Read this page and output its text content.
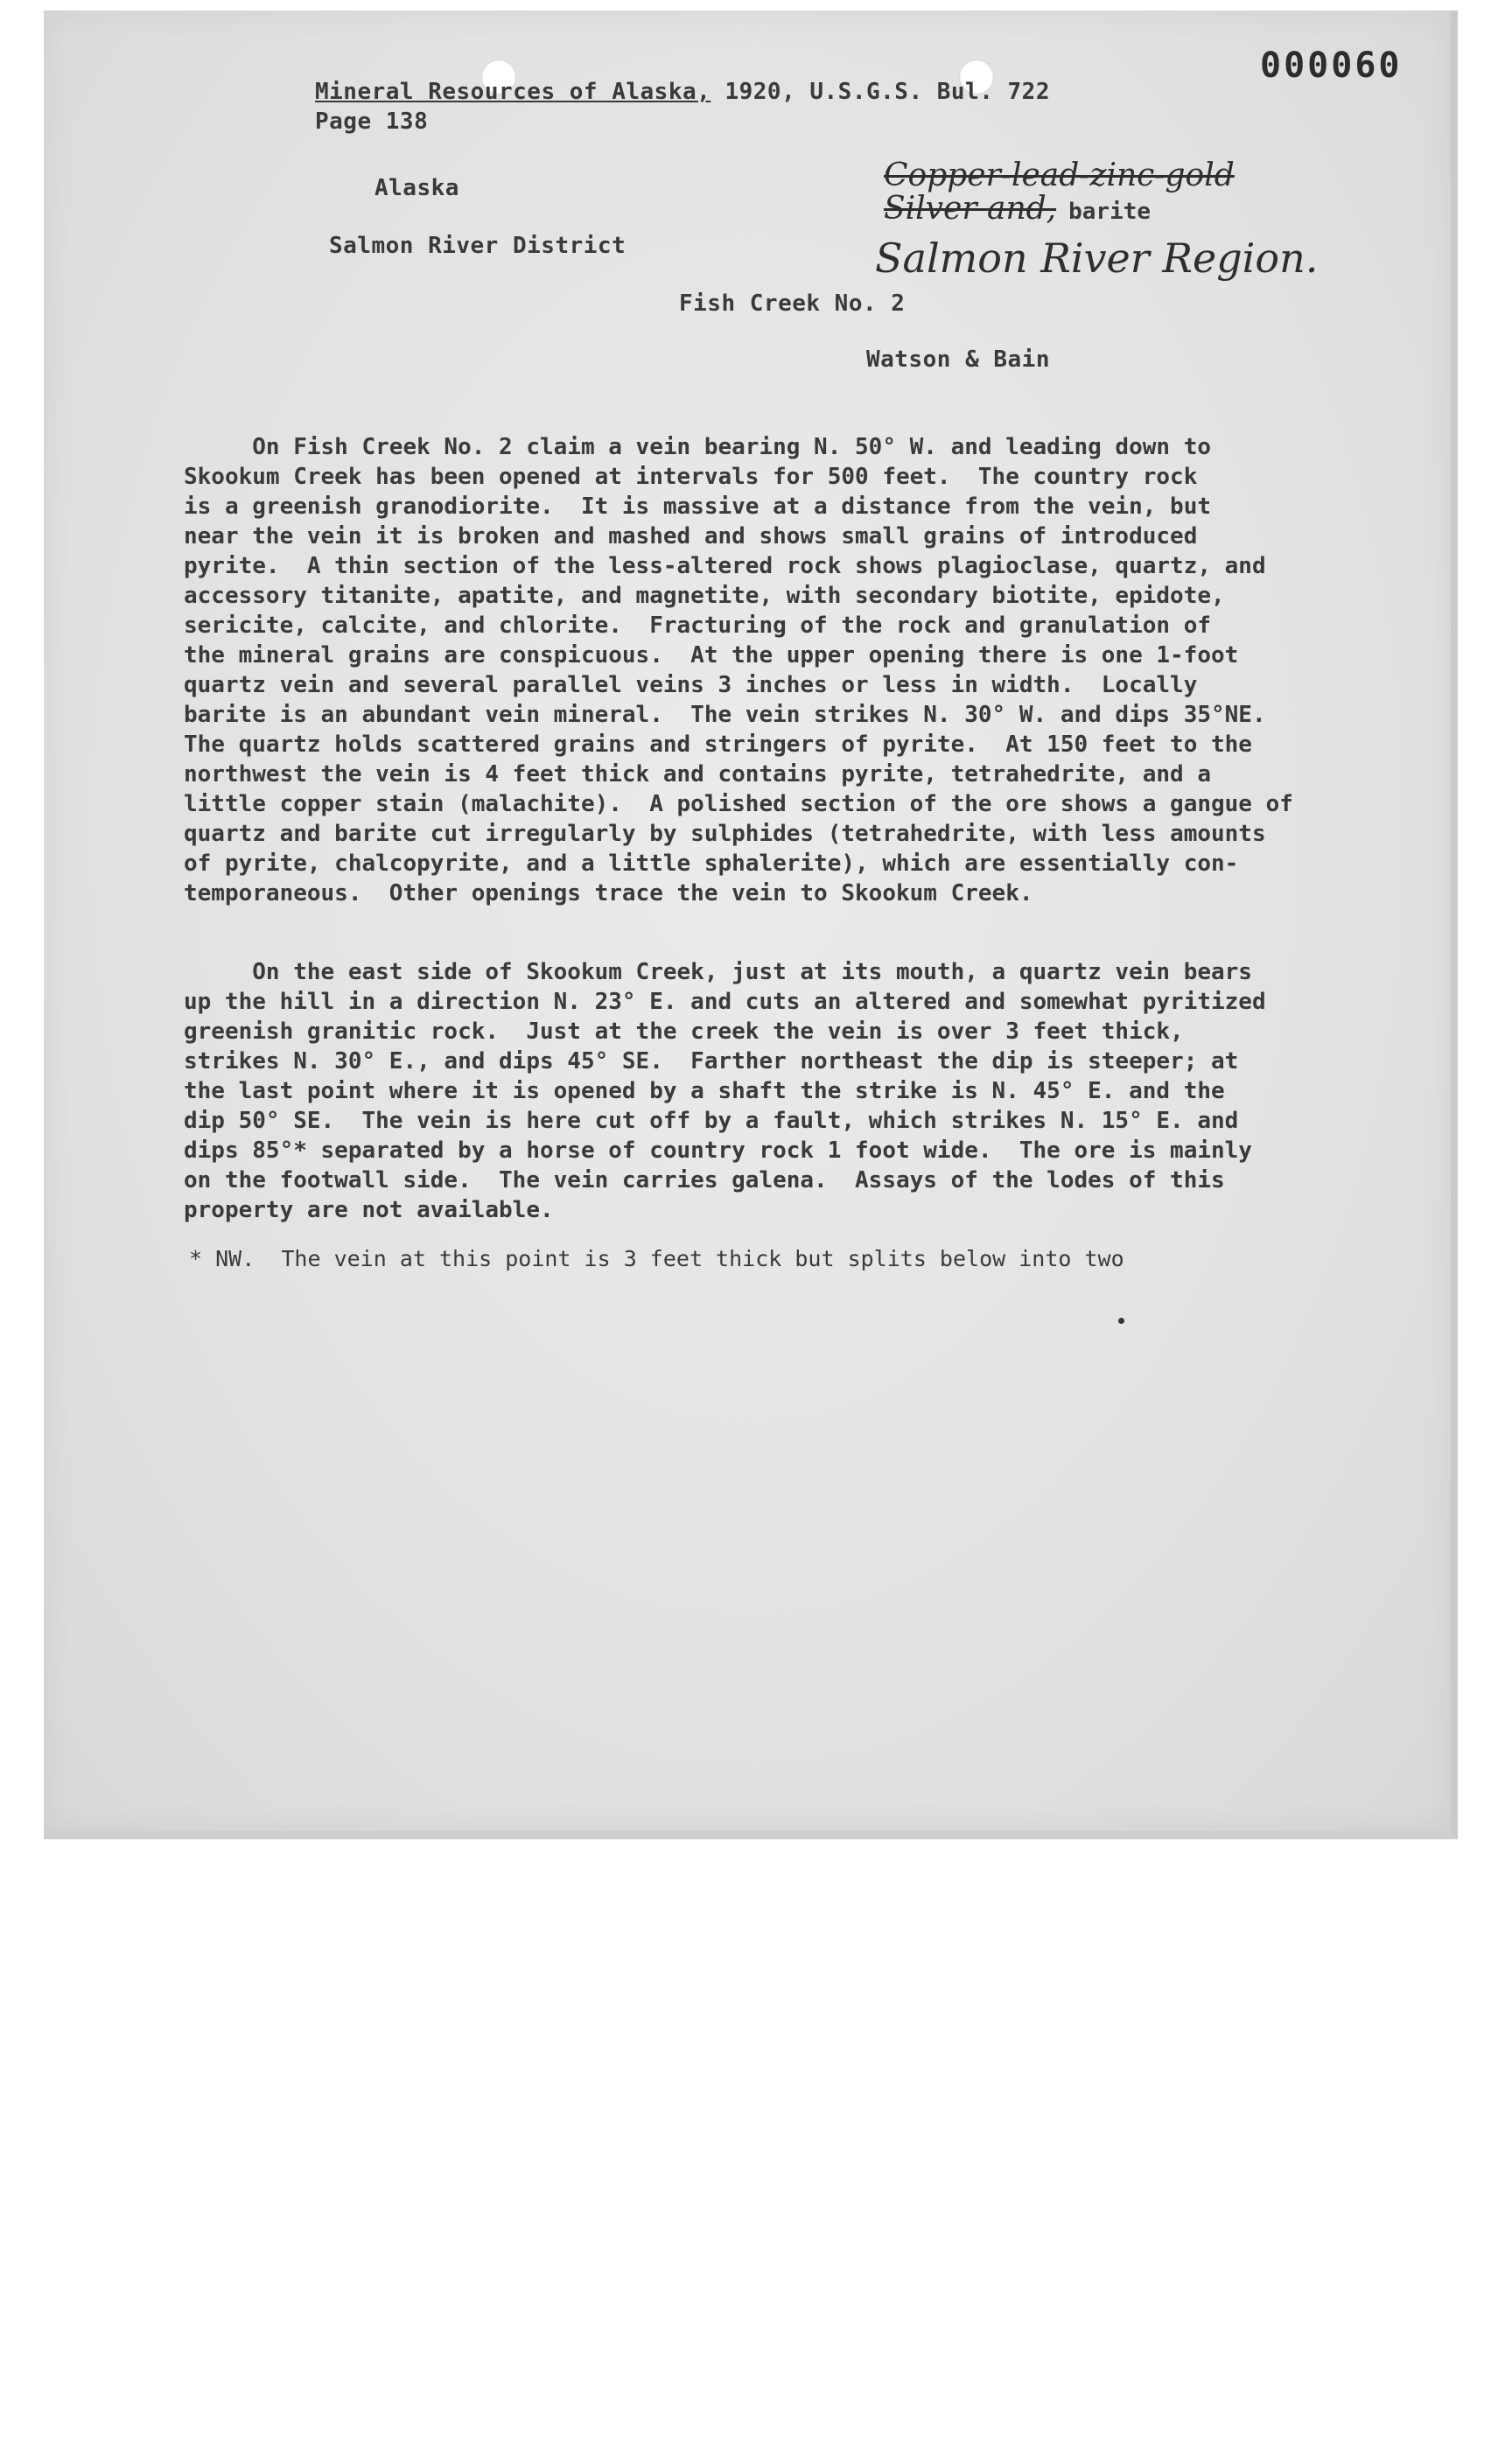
000060
Mineral Resources of Alaska, 1920, U.S.G.S. Bul. 722
Page 138
Alaska
Salmon River District
Copper-lead-zinc-gold
Silver and, barite
Salmon River Region.
Fish Creek No. 2
Watson & Bain
On Fish Creek No. 2 claim a vein bearing N. 50° W. and leading down to
Skookum Creek has been opened at intervals for 500 feet.  The country rock
is a greenish granodiorite.  It is massive at a distance from the vein, but
near the vein it is broken and mashed and shows small grains of introduced
pyrite.  A thin section of the less-altered rock shows plagioclase, quartz, and
accessory titanite, apatite, and magnetite, with secondary biotite, epidote,
sericite, calcite, and chlorite.  Fracturing of the rock and granulation of
the mineral grains are conspicuous.  At the upper opening there is one 1-foot
quartz vein and several parallel veins 3 inches or less in width.  Locally
barite is an abundant vein mineral.  The vein strikes N. 30° W. and dips 35°NE.
The quartz holds scattered grains and stringers of pyrite.  At 150 feet to the
northwest the vein is 4 feet thick and contains pyrite, tetrahedrite, and a
little copper stain (malachite).  A polished section of the ore shows a gangue of
quartz and barite cut irregularly by sulphides (tetrahedrite, with less amounts
of pyrite, chalcopyrite, and a little sphalerite), which are essentially con-
temporaneous.  Other openings trace the vein to Skookum Creek.
On the east side of Skookum Creek, just at its mouth, a quartz vein bears
up the hill in a direction N. 23° E. and cuts an altered and somewhat pyritized
greenish granitic rock.  Just at the creek the vein is over 3 feet thick,
strikes N. 30° E., and dips 45° SE.  Farther northeast the dip is steeper; at
the last point where it is opened by a shaft the strike is N. 45° E. and the
dip 50° SE.  The vein is here cut off by a fault, which strikes N. 15° E. and
dips 85°* separated by a horse of country rock 1 foot wide.  The ore is mainly
on the footwall side.  The vein carries galena.  Assays of the lodes of this
property are not available.
* NW.  The vein at this point is 3 feet thick but splits below into two
